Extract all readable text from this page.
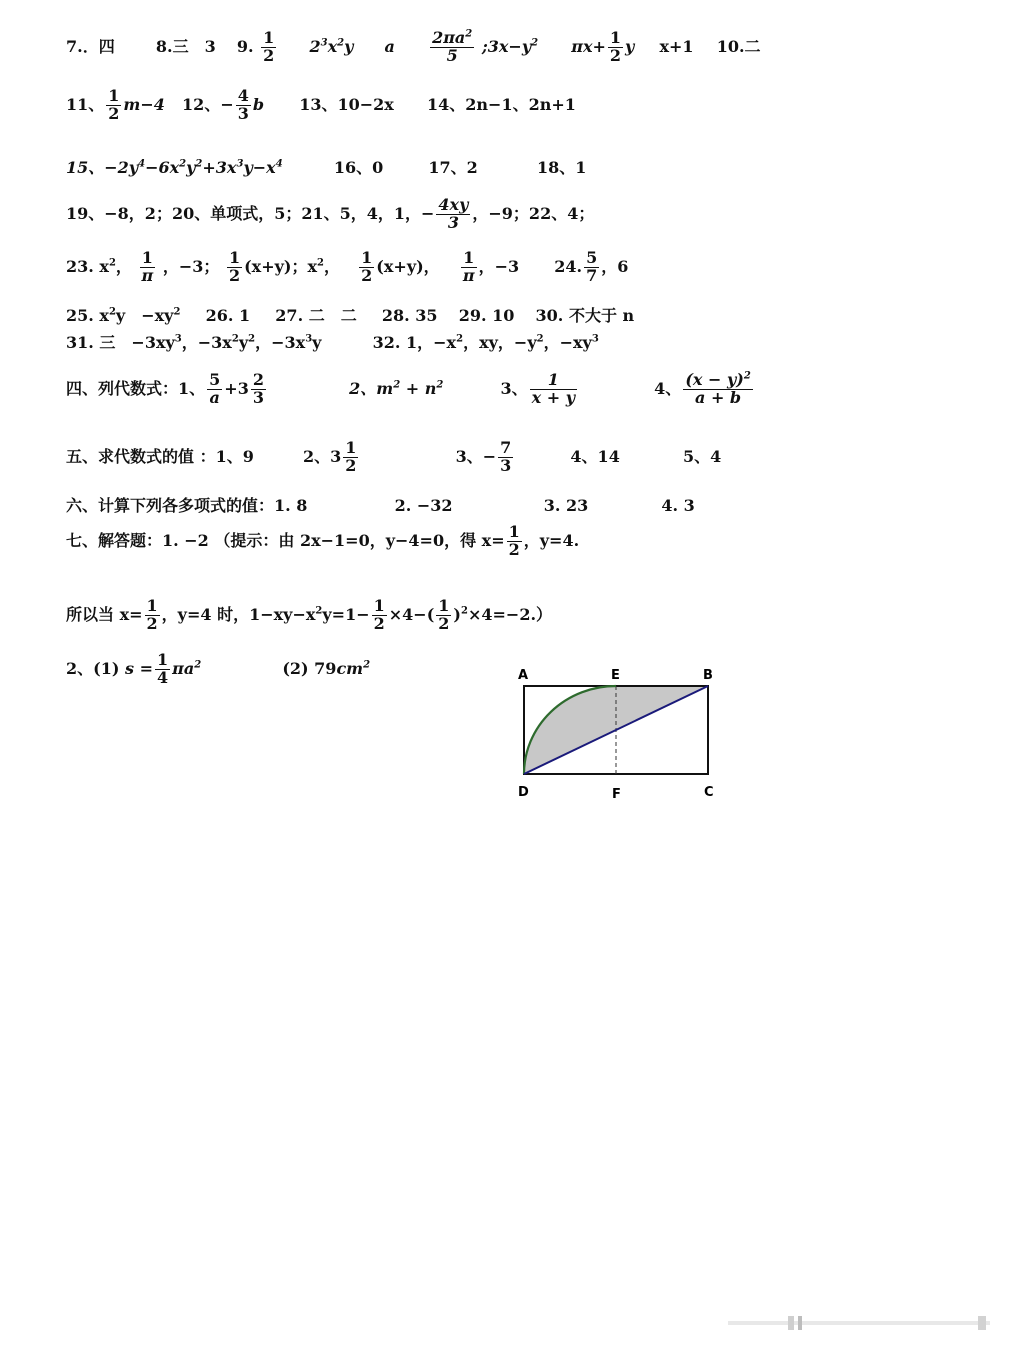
7.．四	8.三　3 9. $\frac{1}{2} 2^3x^2y$ a $\frac{2\pi a^2}{5}$ $;3x-y^2$ $\pi x+ \frac{1}{2}$ y x+1 10.二
11、 $\frac{1}{2} m-4$ 12、− $\frac{4}{3}$ b 13、10−2x 14、2n−1、2n+1
15、$-2y^4-6x^2y^2+3x^3y-x^4$	16、0	17、2	18、1
19、−8，2；20、单项式，5；21、5，4，1，− $\frac{4xy}{3}$ ，−9；22、4；
23. $x^2$， $\frac{1}{\pi}$ ，−3； $\frac{1}{2} (x+y)$；$x^2$， $\frac{1}{2} (x+y)$， $\frac{1}{\pi}$ ，−3 24. $\frac{5}{7}$ ，6
25. $x^2y$　$-xy^2$ 26. 1 27. 二　二 28. 35 29. 10 30. 不大于 n
31. 三　$-3xy^3$，$-3x^2y^2$，$-3x^3y$	32. 1，$-x^2$，xy，$-y^2$，$-xy^3$
四、列代数式：1、 $\frac{5}{a} +3 \frac{2}{3}$	2、$m^2 + n^2$	3、 $\frac{1}{x + y}$	4、 $\frac{(x - y)^2}{a + b}$
五、求代数式的值 ：1、9	2、$3 \frac{1}{2}$	3、− $\frac{7}{3}$	4、14	5、4
六、计算下列各多项式的值：1. 8	2. −32	3. 23	4. 3
七、解答题：1. −2 （提示：由 2x−1=0，y−4=0，得 $x= \frac{1}{2}$ ，y=4.
所以当 $x= \frac{1}{2}$ ，y=4 时，$1-xy-x^2y=1- \frac{1}{2} \times 4-( \frac{1}{2} )^2\times 4=-2$.）
2、(1) $s = \frac{1}{4} \pi a^2$	(2) $79cm^2$
A	E	B
D	F	C
